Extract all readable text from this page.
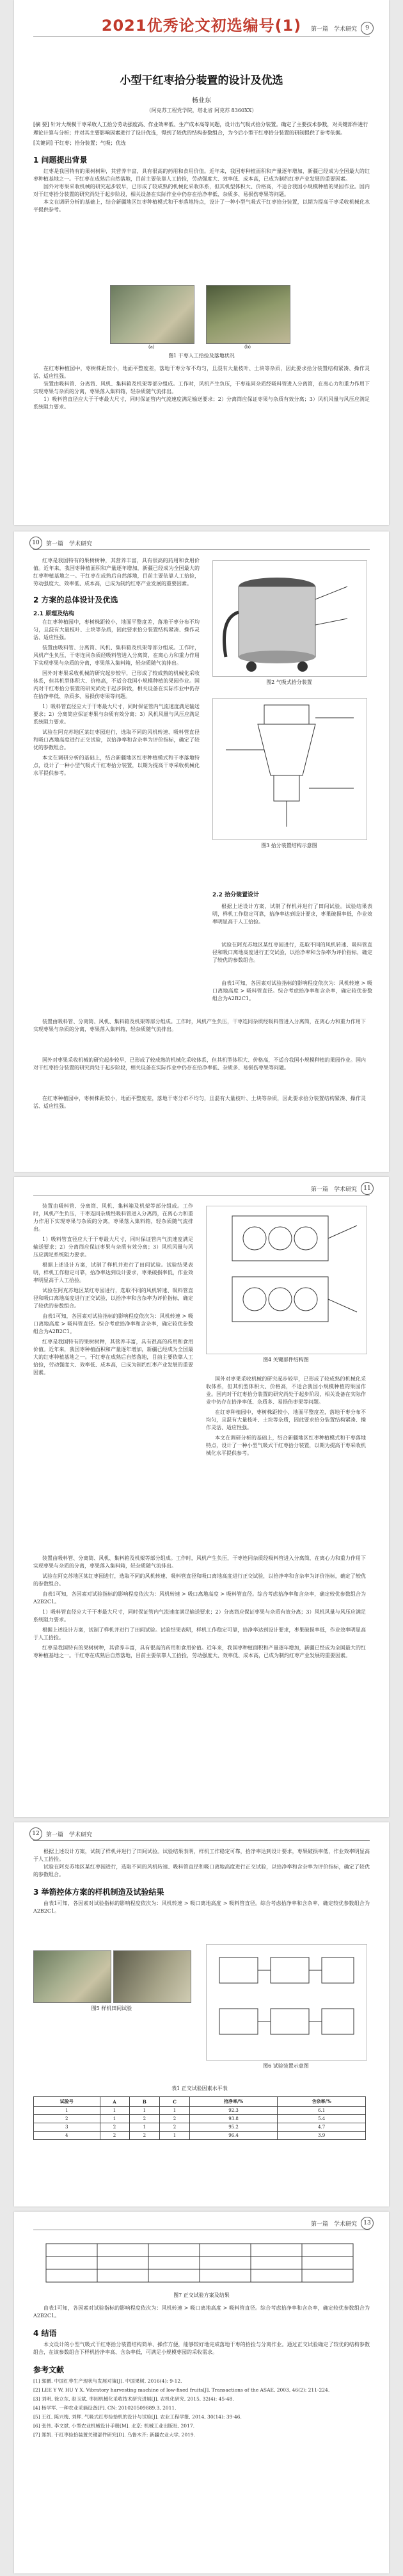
2021优秀论文初选编号(1)	第一篇　学术研究	9
小型干红枣拾分装置的设计及优选
杨业东
（阿克苏工程党学院，塔北省 阿克苏 8360XX）
[摘 要] 针对大规模干枣采收人工拾分劳动强度高、作业效率低、生产成本高等问题，设计出气吸式拾分装置。确定了主要技术参数，对关键部件进行理论计算与分析；并对其主要影响因素进行了设计优选，得到了较优的结构参数组合，为今后小型干红枣拾分装置的研制提供了参考依据。
[关键词] 干红枣；拾分装置；气吸；优选
1 问题提出背景
红枣是我国特有的果树树种，其营养丰富，具有很高的药用和食用价值。近年来，我国枣种植面积和产量逐年增加，新疆已经成为全国最大的红枣种植基地之一。干红枣在成熟后自然落地，目前主要依靠人工拾捡，劳动强度大、效率低、成本高，已成为制约红枣产业发展的重要因素。
国外对枣果采收机械的研究起步较早，已形成了较成熟的机械化采收体系，但其机型体积大、价格高，不适合我国小规模种植的果园作业。国内对干红枣拾分装置的研究尚处于起步阶段，相关设备在实际作业中仍存在拾净率低、杂质多、易损伤枣果等问题。
本文在调研分析的基础上，结合新疆地区红枣种植模式和干枣落地特点，设计了一种小型气吸式干红枣拾分装置，以期为提高干枣采收机械化水平提供参考。
(a)	(b)
图1 干枣人工拾捡及落地状况
在红枣种植园中，枣树株距较小，地面平整度差，落地干枣分布不均匀，且混有大量枝叶、土块等杂质，因此要求拾分装置结构紧凑、操作灵活、适应性强。
装置由吸料管、分离筒、风机、集料箱及机架等部分组成。工作时，风机产生负压，干枣连同杂质经吸料管进入分离筒，在离心力和重力作用下实现枣果与杂质的分离，枣果落入集料箱，轻杂质随气流排出。
1）吸料管直径应大于干枣最大尺寸，同时保证管内气流速度满足输送要求；2）分离筒应保证枣果与杂质有效分离；3）风机风量与风压应满足系统阻力要求。
10	第一篇　学术研究
红枣是我国特有的果树树种，其营养丰富，具有很高的药用和食用价值。近年来，我国枣种植面积和产量逐年增加，新疆已经成为全国最大的红枣种植基地之一。干红枣在成熟后自然落地，目前主要依靠人工拾捡，劳动强度大、效率低、成本高，已成为制约红枣产业发展的重要因素。
2 方案的总体设计及优选
2.1 原理及结构
在红枣种植园中，枣树株距较小，地面平整度差，落地干枣分布不均匀，且混有大量枝叶、土块等杂质，因此要求拾分装置结构紧凑、操作灵活、适应性强。
装置由吸料管、分离筒、风机、集料箱及机架等部分组成。工作时，风机产生负压，干枣连同杂质经吸料管进入分离筒，在离心力和重力作用下实现枣果与杂质的分离，枣果落入集料箱，轻杂质随气流排出。
国外对枣果采收机械的研究起步较早，已形成了较成熟的机械化采收体系，但其机型体积大、价格高，不适合我国小规模种植的果园作业。国内对干红枣拾分装置的研究尚处于起步阶段，相关设备在实际作业中仍存在拾净率低、杂质多、易损伤枣果等问题。
1）吸料管直径应大于干枣最大尺寸，同时保证管内气流速度满足输送要求；2）分离筒应保证枣果与杂质有效分离；3）风机风量与风压应满足系统阻力要求。
试验在阿克苏地区某红枣园进行，选取不同的风机转速、吸料管直径和吸口离地高度进行正交试验，以拾净率和含杂率为评价指标，确定了较优的参数组合。
本文在调研分析的基础上，结合新疆地区红枣种植模式和干枣落地特点，设计了一种小型气吸式干红枣拾分装置，以期为提高干枣采收机械化水平提供参考。
图2 气吸式拾分装置
图3 拾分装置结构示意图
2.2 拾分装置设计
根据上述设计方案，试制了样机并进行了田间试验。试验结果表明，样机工作稳定可靠，拾净率达到设计要求，枣果破损率低，作业效率明显高于人工拾捡。
试验在阿克苏地区某红枣园进行，选取不同的风机转速、吸料管直径和吸口离地高度进行正交试验，以拾净率和含杂率为评价指标，确定了较优的参数组合。
由表1可知，各因素对试验指标的影响程度依次为：风机转速 > 吸口离地高度 > 吸料管直径。综合考虑拾净率和含杂率，确定较优参数组合为A2B2C1。
装置由吸料管、分离筒、风机、集料箱及机架等部分组成。工作时，风机产生负压，干枣连同杂质经吸料管进入分离筒，在离心力和重力作用下实现枣果与杂质的分离，枣果落入集料箱，轻杂质随气流排出。
国外对枣果采收机械的研究起步较早，已形成了较成熟的机械化采收体系，但其机型体积大、价格高，不适合我国小规模种植的果园作业。国内对干红枣拾分装置的研究尚处于起步阶段，相关设备在实际作业中仍存在拾净率低、杂质多、易损伤枣果等问题。
在红枣种植园中，枣树株距较小，地面平整度差，落地干枣分布不均匀，且混有大量枝叶、土块等杂质，因此要求拾分装置结构紧凑、操作灵活、适应性强。
第一篇　学术研究	11
装置由吸料管、分离筒、风机、集料箱及机架等部分组成。工作时，风机产生负压，干枣连同杂质经吸料管进入分离筒，在离心力和重力作用下实现枣果与杂质的分离，枣果落入集料箱，轻杂质随气流排出。
1）吸料管直径应大于干枣最大尺寸，同时保证管内气流速度满足输送要求；2）分离筒应保证枣果与杂质有效分离；3）风机风量与风压应满足系统阻力要求。
根据上述设计方案，试制了样机并进行了田间试验。试验结果表明，样机工作稳定可靠，拾净率达到设计要求，枣果破损率低，作业效率明显高于人工拾捡。
试验在阿克苏地区某红枣园进行，选取不同的风机转速、吸料管直径和吸口离地高度进行正交试验，以拾净率和含杂率为评价指标，确定了较优的参数组合。
由表1可知，各因素对试验指标的影响程度依次为：风机转速 > 吸口离地高度 > 吸料管直径。综合考虑拾净率和含杂率，确定较优参数组合为A2B2C1。
红枣是我国特有的果树树种，其营养丰富，具有很高的药用和食用价值。近年来，我国枣种植面积和产量逐年增加，新疆已经成为全国最大的红枣种植基地之一。干红枣在成熟后自然落地，目前主要依靠人工拾捡，劳动强度大、效率低、成本高，已成为制约红枣产业发展的重要因素。
图4 关键部件结构图
国外对枣果采收机械的研究起步较早，已形成了较成熟的机械化采收体系，但其机型体积大、价格高，不适合我国小规模种植的果园作业。国内对干红枣拾分装置的研究尚处于起步阶段，相关设备在实际作业中仍存在拾净率低、杂质多、易损伤枣果等问题。
在红枣种植园中，枣树株距较小，地面平整度差，落地干枣分布不均匀，且混有大量枝叶、土块等杂质，因此要求拾分装置结构紧凑、操作灵活、适应性强。
本文在调研分析的基础上，结合新疆地区红枣种植模式和干枣落地特点，设计了一种小型气吸式干红枣拾分装置，以期为提高干枣采收机械化水平提供参考。
装置由吸料管、分离筒、风机、集料箱及机架等部分组成。工作时，风机产生负压，干枣连同杂质经吸料管进入分离筒，在离心力和重力作用下实现枣果与杂质的分离，枣果落入集料箱，轻杂质随气流排出。
试验在阿克苏地区某红枣园进行，选取不同的风机转速、吸料管直径和吸口离地高度进行正交试验，以拾净率和含杂率为评价指标，确定了较优的参数组合。
由表1可知，各因素对试验指标的影响程度依次为：风机转速 > 吸口离地高度 > 吸料管直径。综合考虑拾净率和含杂率，确定较优参数组合为A2B2C1。
1）吸料管直径应大于干枣最大尺寸，同时保证管内气流速度满足输送要求；2）分离筒应保证枣果与杂质有效分离；3）风机风量与风压应满足系统阻力要求。
根据上述设计方案，试制了样机并进行了田间试验。试验结果表明，样机工作稳定可靠，拾净率达到设计要求，枣果破损率低，作业效率明显高于人工拾捡。
红枣是我国特有的果树树种，其营养丰富，具有很高的药用和食用价值。近年来，我国枣种植面积和产量逐年增加，新疆已经成为全国最大的红枣种植基地之一。干红枣在成熟后自然落地，目前主要依靠人工拾捡，劳动强度大、效率低、成本高，已成为制约红枣产业发展的重要因素。
12	第一篇　学术研究
根据上述设计方案，试制了样机并进行了田间试验。试验结果表明，样机工作稳定可靠，拾净率达到设计要求，枣果破损率低，作业效率明显高于人工拾捡。
试验在阿克苏地区某红枣园进行，选取不同的风机转速、吸料管直径和吸口离地高度进行正交试验，以拾净率和含杂率为评价指标，确定了较优的参数组合。
3 举箭控体方案的样机制造及试验结果
由表1可知，各因素对试验指标的影响程度依次为：风机转速 > 吸口离地高度 > 吸料管直径。综合考虑拾净率和含杂率，确定较优参数组合为A2B2C1。
图5 样机田间试验
图6 试验装置示意图
表1 正交试验因素水平表
试验号	A	B	C	拾净率/%	含杂率/%
1	1	1	1	92.3	6.1
2	1	2	2	93.8	5.4
3	2	1	2	95.2	4.7
4	2	2	1	96.4	3.9
第一篇　学术研究	13
图7 正交试验方案及结果
由表1可知，各因素对试验指标的影响程度依次为：风机转速 > 吸口离地高度 > 吸料管直径。综合考虑拾净率和含杂率，确定较优参数组合为A2B2C1。
4 结语
本文设计的小型气吸式干红枣拾分装置结构简单、操作方便，能够较好地完成落地干枣的拾捡与分离作业。通过正交试验确定了较优的结构参数组合，在该参数组合下样机拾净率高、含杂率低，可满足小规模枣园的采收需求。
参考文献
[1] 郭鹏. 中国红枣生产现状与发展对策[J]. 中国果树, 2016(4): 9-12.
[2] LEE Y W, HU Y X. Vibratory harvesting machine of low-fixed fruits[J]. Transactions of the ASAE, 2003, 46(2): 211-224.
[3] 刘明, 徐立东, 赵玉斌. 枣园机械化采收技术研究进展[J]. 农机化研究, 2015, 32(4): 45-48.
[4] 杨学军. 一种农业采摘设备[P]. CN: 201020509889.3, 2011.
[5] 王红, 陈兴梅, 刘辉. 气吸式红枣捡拾机的设计与试验[J]. 农业工程学报, 2014, 30(14): 39-46.
[6] 张伟, 李文斌. 小型农业机械设计手册[M]. 北京: 机械工业出版社, 2017.
[7] 郑凯. 干红枣捡拾装置关键部件研究[D]. 乌鲁木齐: 新疆农业大学, 2019.
